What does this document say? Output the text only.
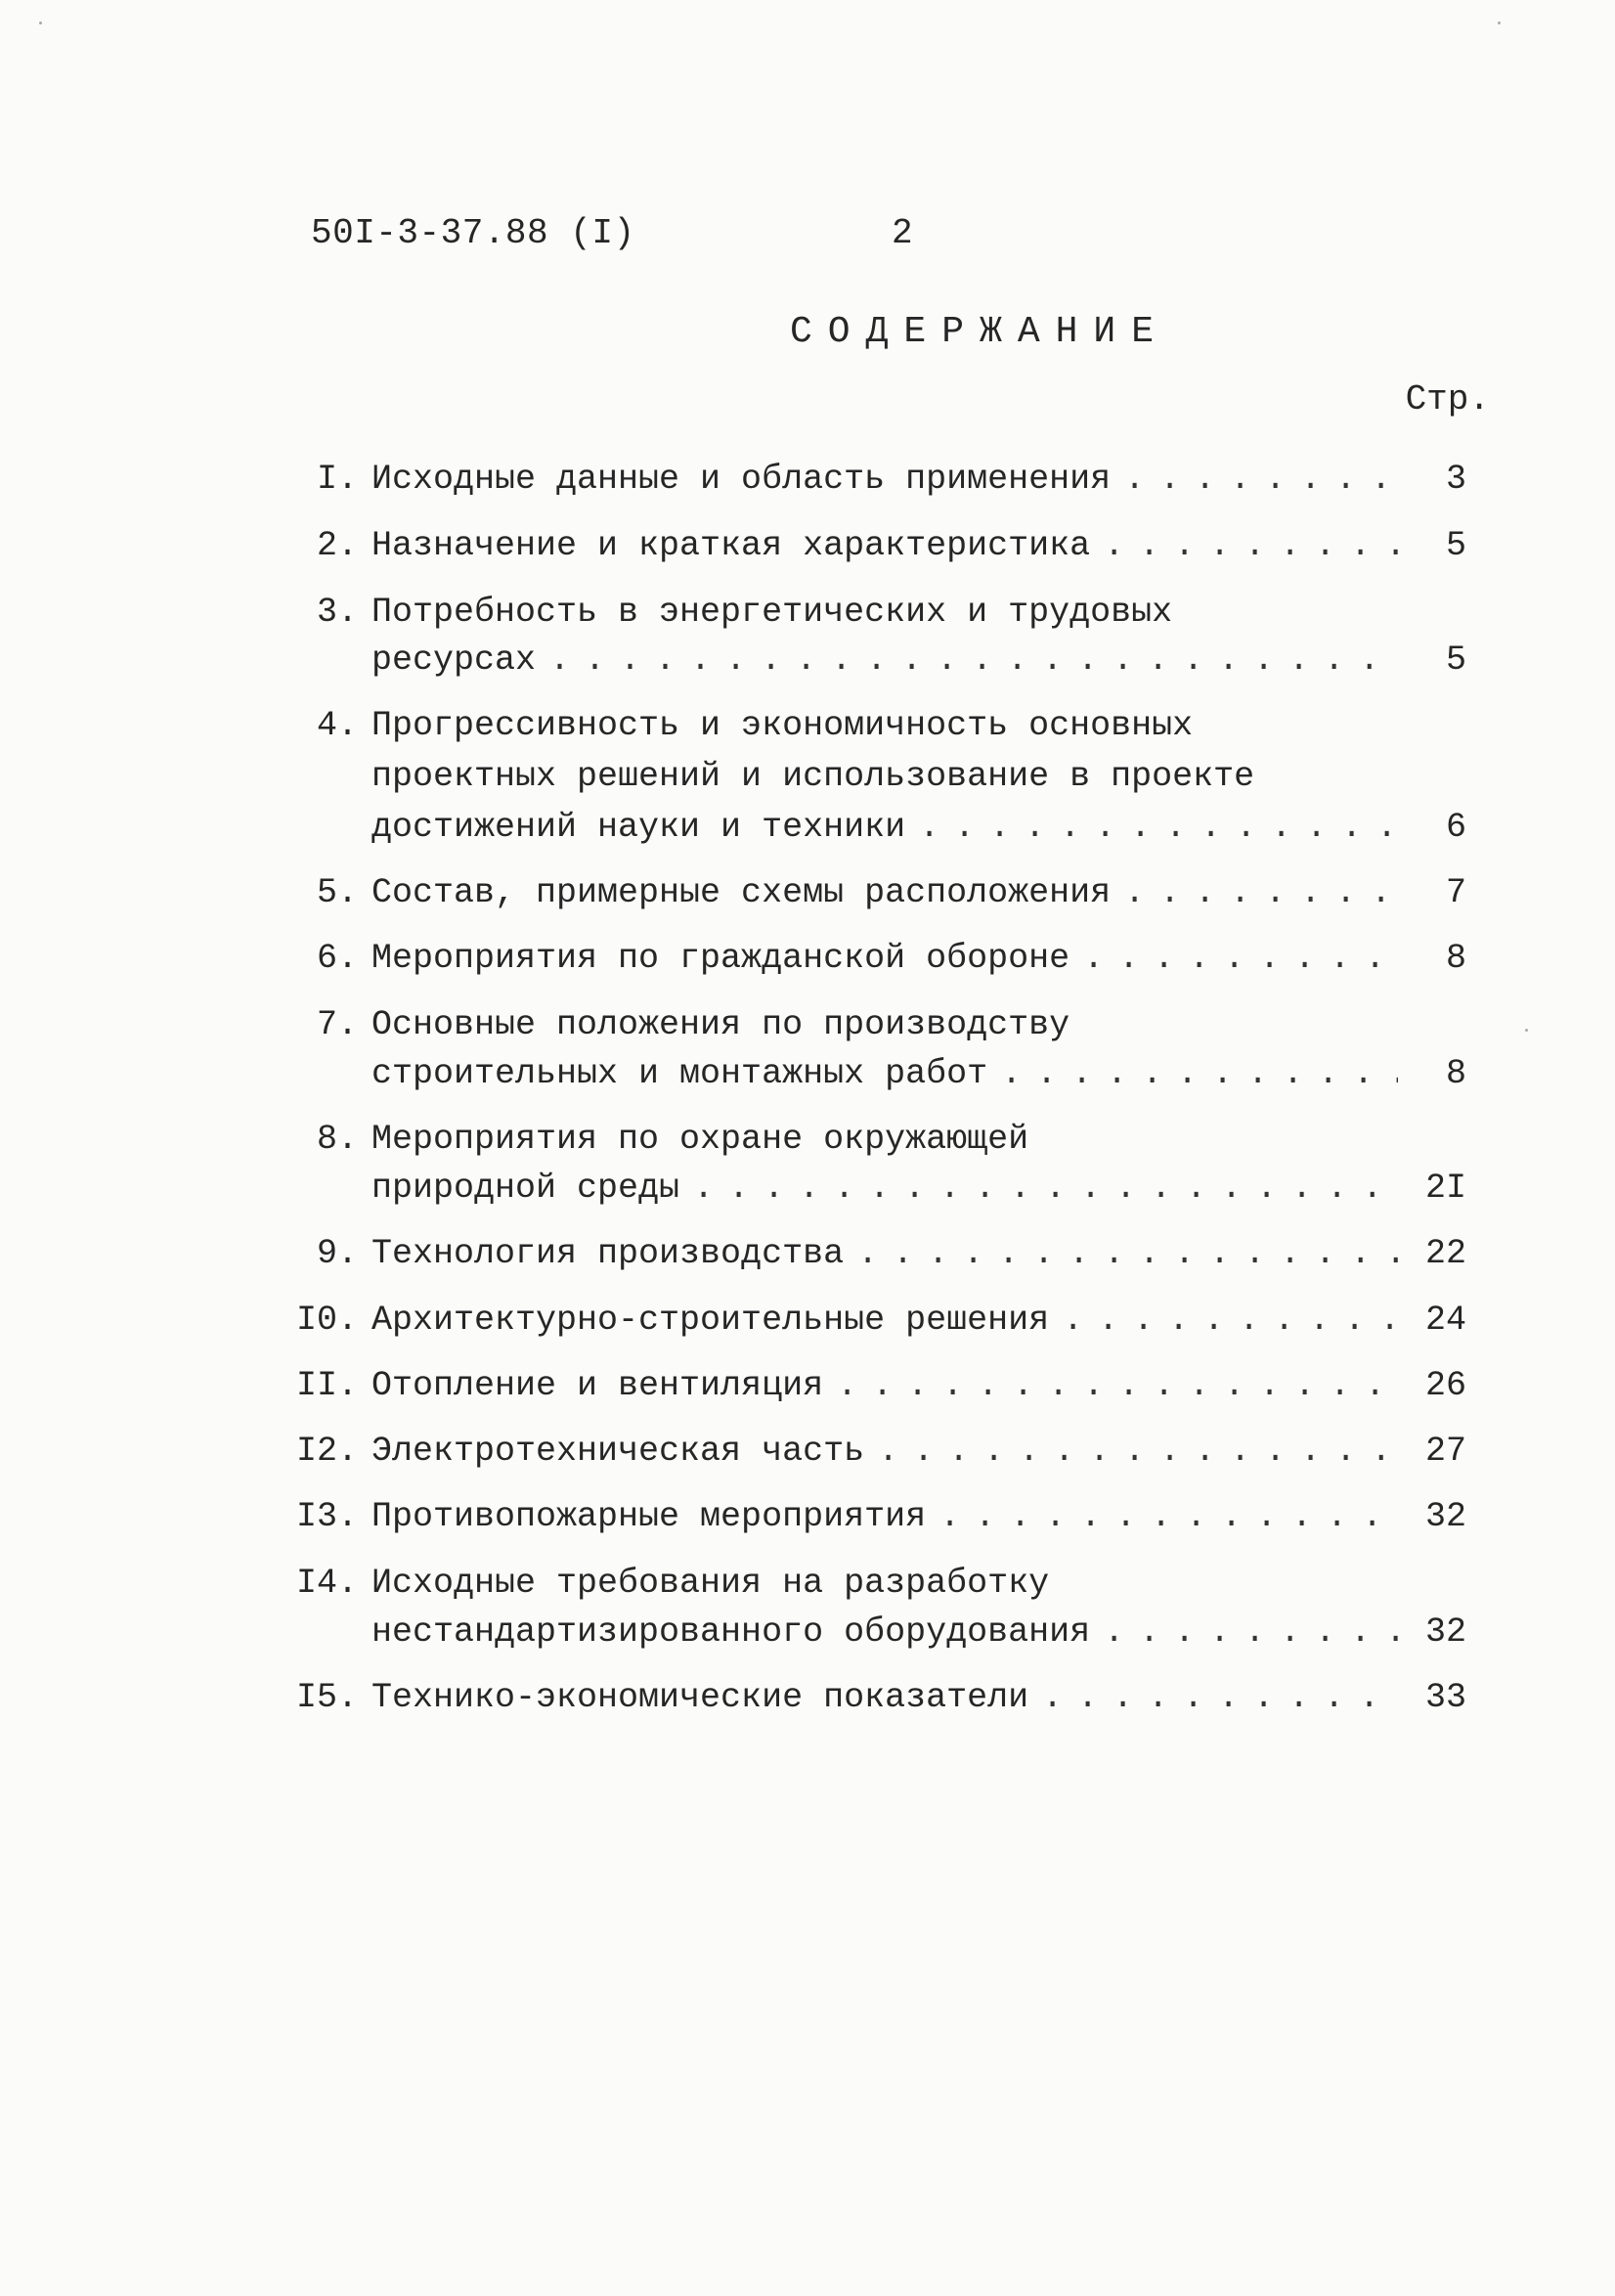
50I-3-37.88 (I)	2
СОДЕРЖАНИЕ
Стр.
I. Исходные данные и область применения . . .	3
2. Назначение и краткая характеристика . . .	5
3. Потребность в энергетических и трудовых
ресурсах . . .	5
4. Прогрессивность и экономичность основных
проектных решений и использование в проекте
достижений науки и техники . . .	6
5. Состав, примерные схемы расположения . . .	7
6. Мероприятия по гражданской обороне . . .	8
7. Основные положения по производству
строительных и монтажных работ . . .	8
8. Мероприятия по охране окружающей
природной среды . . .	2I
9. Технология производства . . .	22
I0. Архитектурно-строительные решения . . .	24
II. Отопление и вентиляция . . .	26
I2. Электротехническая часть . . .	27
I3. Противопожарные мероприятия . . .	32
I4. Исходные требования на разработку
нестандартизированного оборудования . . .	32
I5. Технико-экономические показатели . . .	33
